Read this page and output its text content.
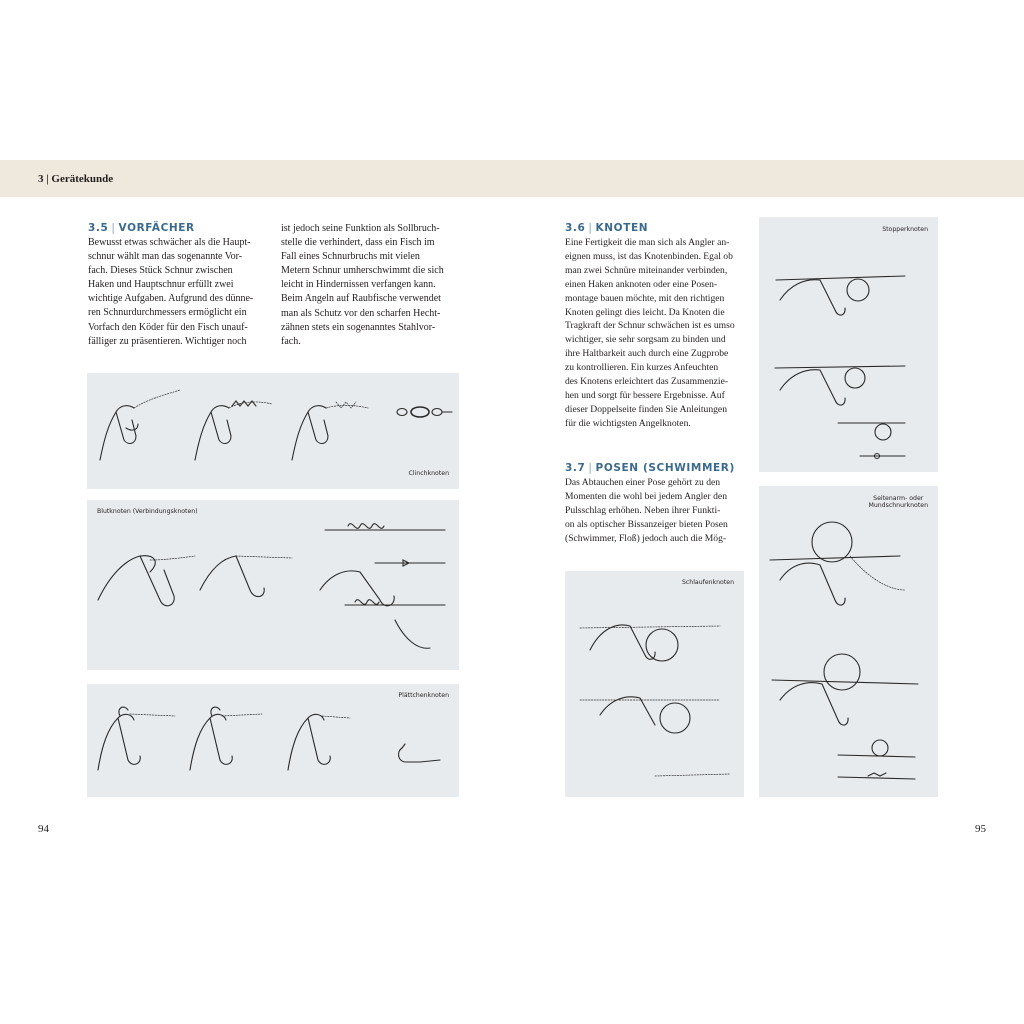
3 | Gerätekunde
3.5 | VORFÄCHER
Bewusst etwas schwächer als die Haupt-
schnur wählt man das sogenannte Vor-
fach. Dieses Stück Schnur zwischen
Haken und Hauptschnur erfüllt zwei
wichtige Aufgaben. Aufgrund des dünne-
ren Schnurdurchmessers ermöglicht ein
Vorfach den Köder für den Fisch unauf-
fälliger zu präsentieren. Wichtiger noch
ist jedoch seine Funktion als Sollbruch-
stelle die verhindert, dass ein Fisch im
Fall eines Schnurbruchs mit vielen
Metern Schnur umherschwimmt die sich
leicht in Hindernissen verfangen kann.
Beim Angeln auf Raubfische verwendet
man als Schutz vor den scharfen Hecht-
zähnen stets ein sogenanntes Stahlvor-
fach.
3.6 | KNOTEN
Eine Fertigkeit die man sich als Angler an-
eignen muss, ist das Knotenbinden. Egal ob
man zwei Schnüre miteinander verbinden,
einen Haken anknoten oder eine Posen-
montage bauen möchte, mit den richtigen
Knoten gelingt dies leicht. Da Knoten die
Tragkraft der Schnur schwächen ist es umso
wichtiger, sie sehr sorgsam zu binden und
ihre Haltbarkeit auch durch eine Zugprobe
zu kontrollieren. Ein kurzes Anfeuchten
des Knotens erleichtert das Zusammenzie-
hen und sorgt für bessere Ergebnisse. Auf
dieser Doppelseite finden Sie Anleitungen
für die wichtigsten Angelknoten.
3.7 | POSEN (SCHWIMMER)
Das Abtauchen einer Pose gehört zu den
Momenten die wohl bei jedem Angler den
Pulsschlag erhöhen. Neben ihrer Funkti-
on als optischer Bissanzeiger bieten Posen
(Schwimmer, Floß) jedoch auch die Mög-
Clinchknoten
Blutknoten (Verbindungsknoten)
Plättchenknoten
Stopperknoten
Schlaufenknoten
Seitenarm- oder
Mundschnurknoten
94	95
